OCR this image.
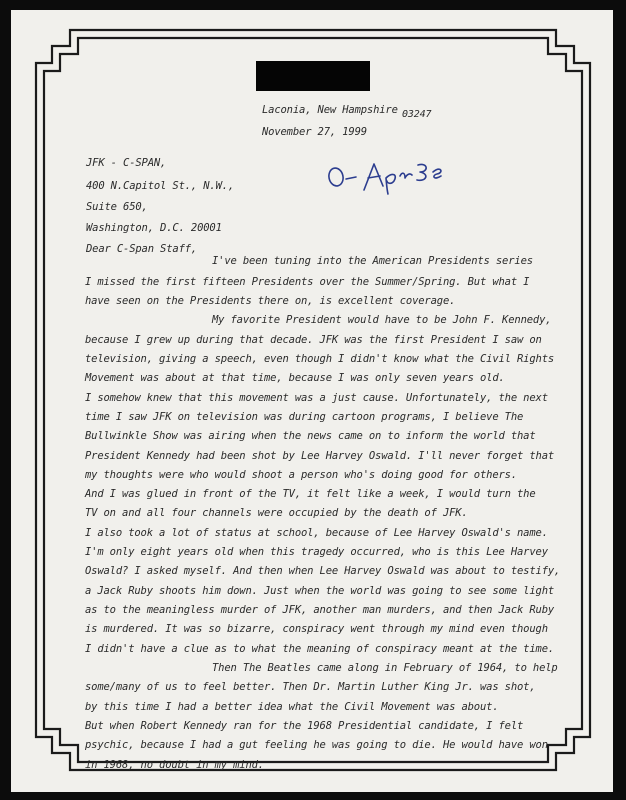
Laconia, New Hampshire 03247
November 27, 1999
JFK - C-SPAN,
400 N.Capitol St., N.W.,
Suite 650,
Washington, D.C. 20001
Dear C-Span Staff,
I've been tuning into the American Presidents series
I missed the first fifteen Presidents over the Summer/Spring. But what I
have seen on the Presidents there on, is excellent coverage.
My favorite President would have to be John F. Kennedy,
because I grew up during that decade. JFK was the first President I saw on
television, giving a speech, even though I didn't know what the Civil Rights
Movement was about at that time, because I was only seven years old.
I somehow knew that this movement was a just cause. Unfortunately, the next
time I saw JFK on television was during cartoon programs, I believe The
Bullwinkle Show was airing when the news came on to inform the world that
President Kennedy had been shot by Lee Harvey Oswald. I'll never forget that
my thoughts were who would shoot a person who's doing good for others.
And I was glued in front of the TV, it felt like a week, I would turn the
TV on and all four channels were occupied by the death of JFK.
I also took a lot of status at school, because of Lee Harvey Oswald's name.
I'm only eight years old when this tragedy occurred, who is this Lee Harvey
Oswald? I asked myself. And then when Lee Harvey Oswald was about to testify,
a Jack Ruby shoots him down. Just when the world was going to see some light
as to the meaningless murder of JFK, another man murders, and then Jack Ruby
is murdered. It was so bizarre, conspiracy went through my mind even though
I didn't have a clue as to what the meaning of conspiracy meant at the time.
Then The Beatles came along in February of 1964, to help
some/many of us to feel better. Then Dr. Martin Luther King Jr. was shot,
by this time I had a better idea what the Civil Movement was about.
But when Robert Kennedy ran for the 1968 Presidential candidate, I felt
psychic, because I had a gut feeling he was going to die. He would have won
in 1968, no doubt in my mind.
